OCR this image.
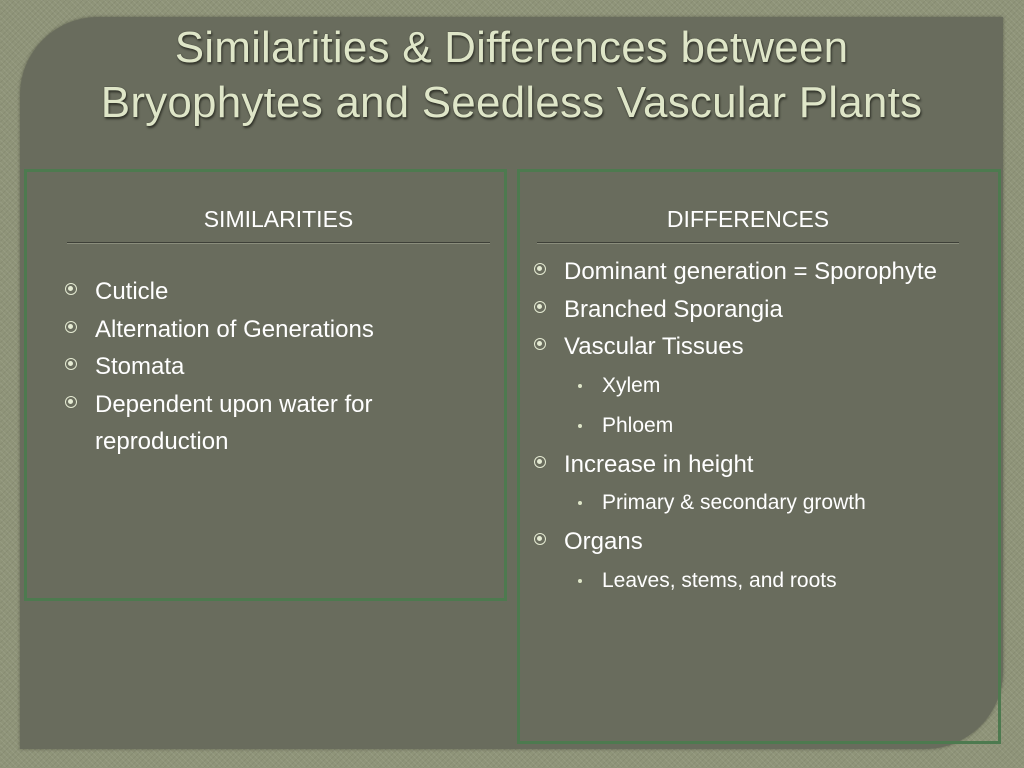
Similarities & Differences between
Bryophytes and Seedless Vascular Plants
SIMILARITIES	DIFFERENCES
Cuticle
Alternation of Generations
Stomata
Dependent upon water for
reproduction
Dominant generation = Sporophyte
Branched Sporangia
Vascular Tissues
Xylem
Phloem
Increase in height
Primary & secondary growth
Organs
Leaves, stems, and roots
